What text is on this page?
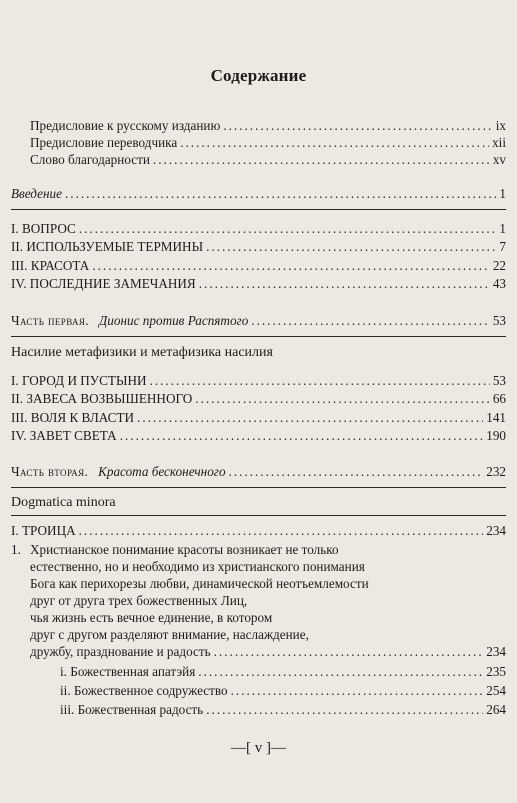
Содержание
Предисловие к русскому изданию . . .	ix
Предисловие переводчика . . .	xii
Слово благодарности . . .	xv
Введение . . .	1
I. ВОПРОС . . .	1
II. ИСПОЛЬЗУЕМЫЕ ТЕРМИНЫ . . .	7
III. КРАСОТА . . .	22
IV. ПОСЛЕДНИЕ ЗАМЕЧАНИЯ . . .	43
Часть первая. Дионис против Распятого . . .	53
Насилие метафизики и метафизика насилия
I. ГОРОД И ПУСТЫНИ . . .	53
II. ЗАВЕСА ВОЗВЫШЕННОГО . . .	66
III. ВОЛЯ К ВЛАСТИ . . .	141
IV. ЗАВЕТ СВЕТА . . .	190
Часть вторая. Красота бесконечного . . .	232
Dogmatica minora
I. ТРОИЦА . . .	234
1. Христианское понимание красоты возникает не только
естественно, но и необходимо из христианского понимания
Бога как перихорезы любви, динамической неотъемлемости
друг от друга трех божественных Лиц,
чья жизнь есть вечное единение, в котором
друг с другом разделяют внимание, наслаждение,
дружбу, празднование и радость . . .	234
i. Божественная апатэйя . . .	235
ii. Божественное содружество . . .	254
iii. Божественная радость . . .	264
—[ v ]—
